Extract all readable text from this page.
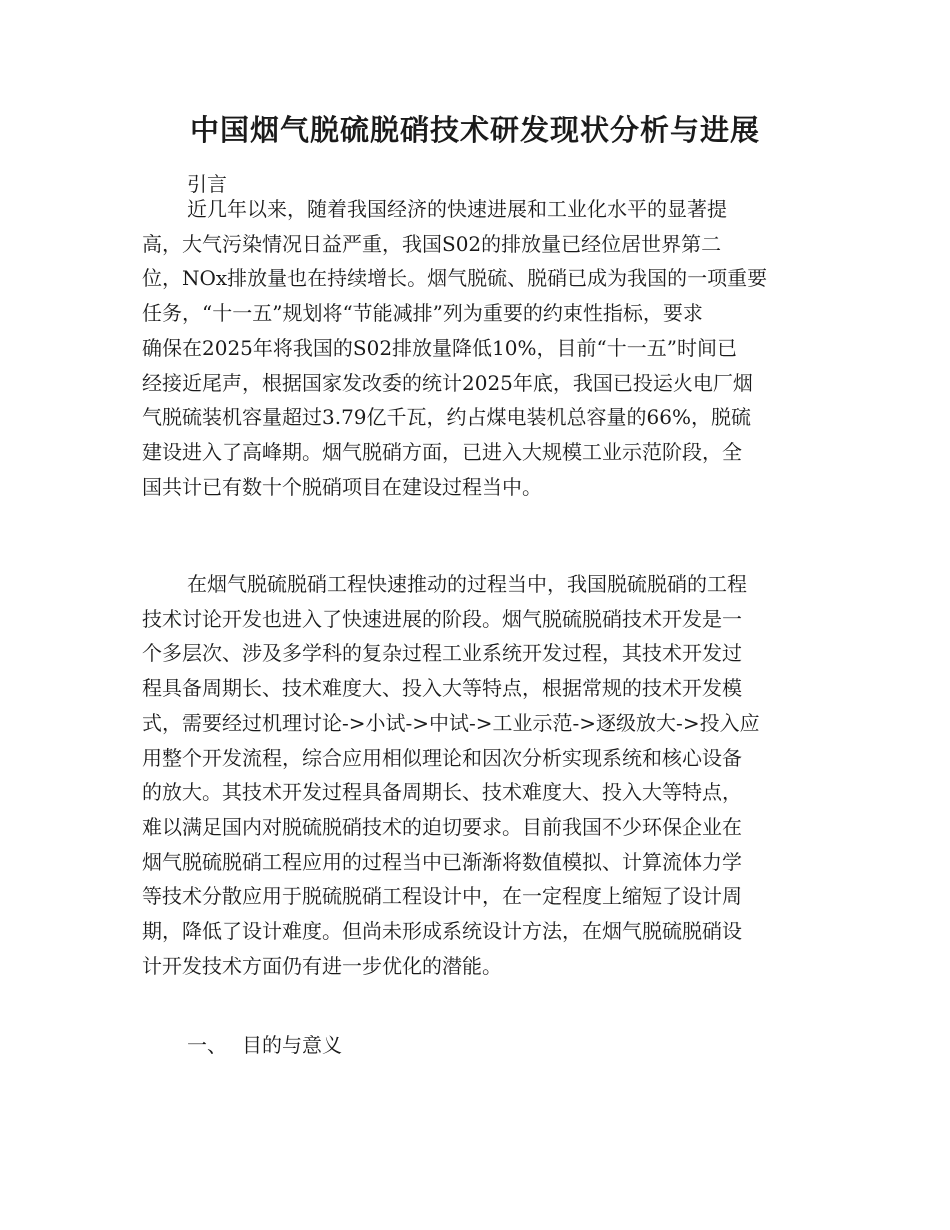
中国烟气脱硫脱硝技术研发现状分析与进展

引言

近几年以来，随着我国经济的快速进展和工业化水平的显著提
高，大气污染情况日益严重，我国S02的排放量已经位居世界第二
位，NOx排放量也在持续增长。烟气脱硫、脱硝已成为我国的一项重要
任务，“十一五”规划将“节能减排”列为重要的约束性指标，要求
确保在2025年将我国的S02排放量降低10%，目前“十一五”时间已
经接近尾声，根据国家发改委的统计2025年底，我国已投运火电厂烟
气脱硫装机容量超过3.79亿千瓦，约占煤电装机总容量的66%，脱硫
建设进入了高峰期。烟气脱硝方面，已进入大规模工业示范阶段，全
国共计已有数十个脱硝项目在建设过程当中。

在烟气脱硫脱硝工程快速推动的过程当中，我国脱硫脱硝的工程
技术讨论开发也进入了快速进展的阶段。烟气脱硫脱硝技术开发是一
个多层次、涉及多学科的复杂过程工业系统开发过程，其技术开发过
程具备周期长、技术难度大、投入大等特点，根据常规的技术开发模
式，需要经过机理讨论->小试->中试->工业示范->逐级放大->投入应
用整个开发流程，综合应用相似理论和因次分析实现系统和核心设备
的放大。其技术开发过程具备周期长、技术难度大、投入大等特点，
难以满足国内对脱硫脱硝技术的迫切要求。目前我国不少环保企业在
烟气脱硫脱硝工程应用的过程当中已渐渐将数值模拟、计算流体力学
等技术分散应用于脱硫脱硝工程设计中，在一定程度上缩短了设计周
期，降低了设计难度。但尚未形成系统设计方法，在烟气脱硫脱硝设
计开发技术方面仍有进一步优化的潜能。

一、 目的与意义
